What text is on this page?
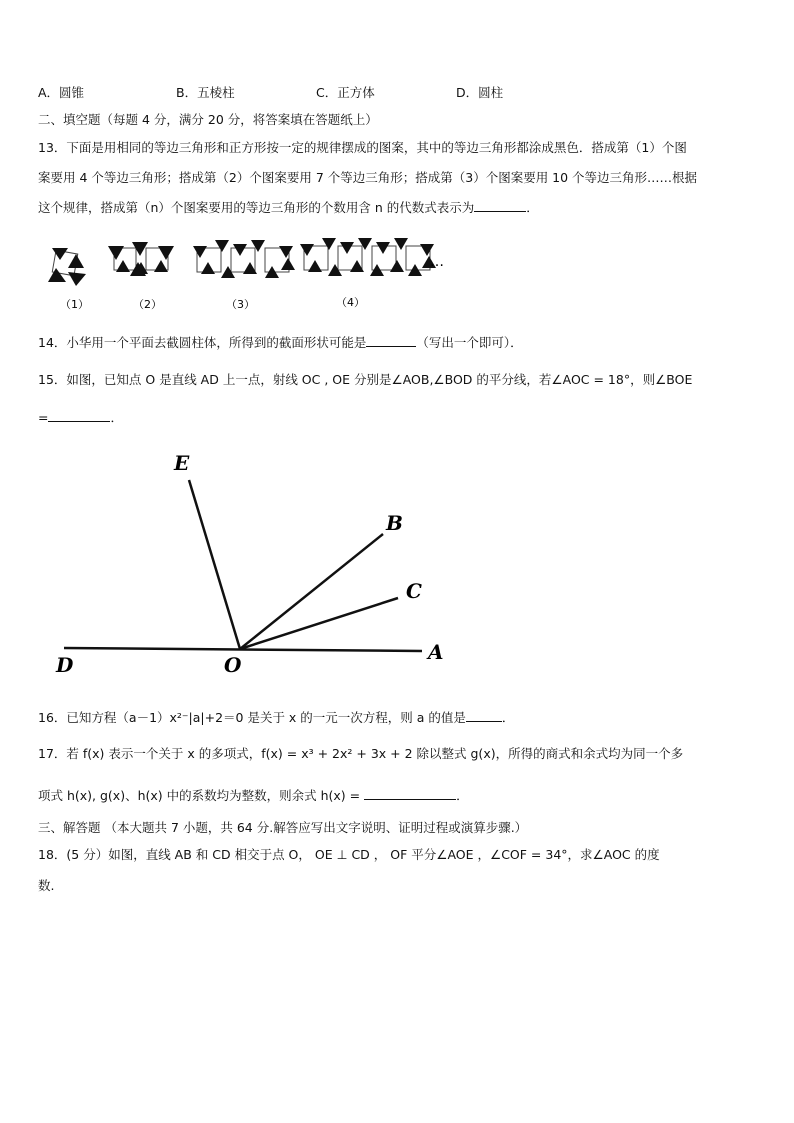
A．圆锥	B．五棱柱	C．正方体	D．圆柱
二、填空题（每题 4 分，满分 20 分，将答案填在答题纸上）
13．下面是用相同的等边三角形和正方形按一定的规律摆成的图案，其中的等边三角形都涂成黑色．搭成第（1）个图
案要用 4 个等边三角形；搭成第（2）个图案要用 7 个等边三角形；搭成第（3）个图案要用 10 个等边三角形……根据
这个规律，搭成第（n）个图案要用的等边三角形的个数用含 n 的代数式表示为	．
（1）	（2）	（3）	（4）
…
14．小华用一个平面去截圆柱体，所得到的截面形状可能是	（写出一个即可）．
15．如图，已知点 O 是直线 AD 上一点，射线 OC , OE 分别是∠AOB,∠BOD 的平分线，若∠AOC = 18°，则∠BOE
=	．
E
B
C
D	O
A
16．已知方程（a－1）x²⁻|a|+2＝0 是关于 x 的一元一次方程，则 a 的值是	．
17．若 f(x) 表示一个关于 x 的多项式，f(x) = x³ + 2x² + 3x + 2 除以整式 g(x)，所得的商式和余式均为同一个多
项式 h(x), g(x)、h(x) 中的系数均为整数，则余式 h(x) =	．
三、解答题 （本大题共 7 小题，共 64 分.解答应写出文字说明、证明过程或演算步骤.）
18．(5 分）如图，直线 AB 和 CD 相交于点 O， OE ⊥ CD ， OF 平分∠AOE ，∠COF = 34°，求∠AOC 的度
数.
